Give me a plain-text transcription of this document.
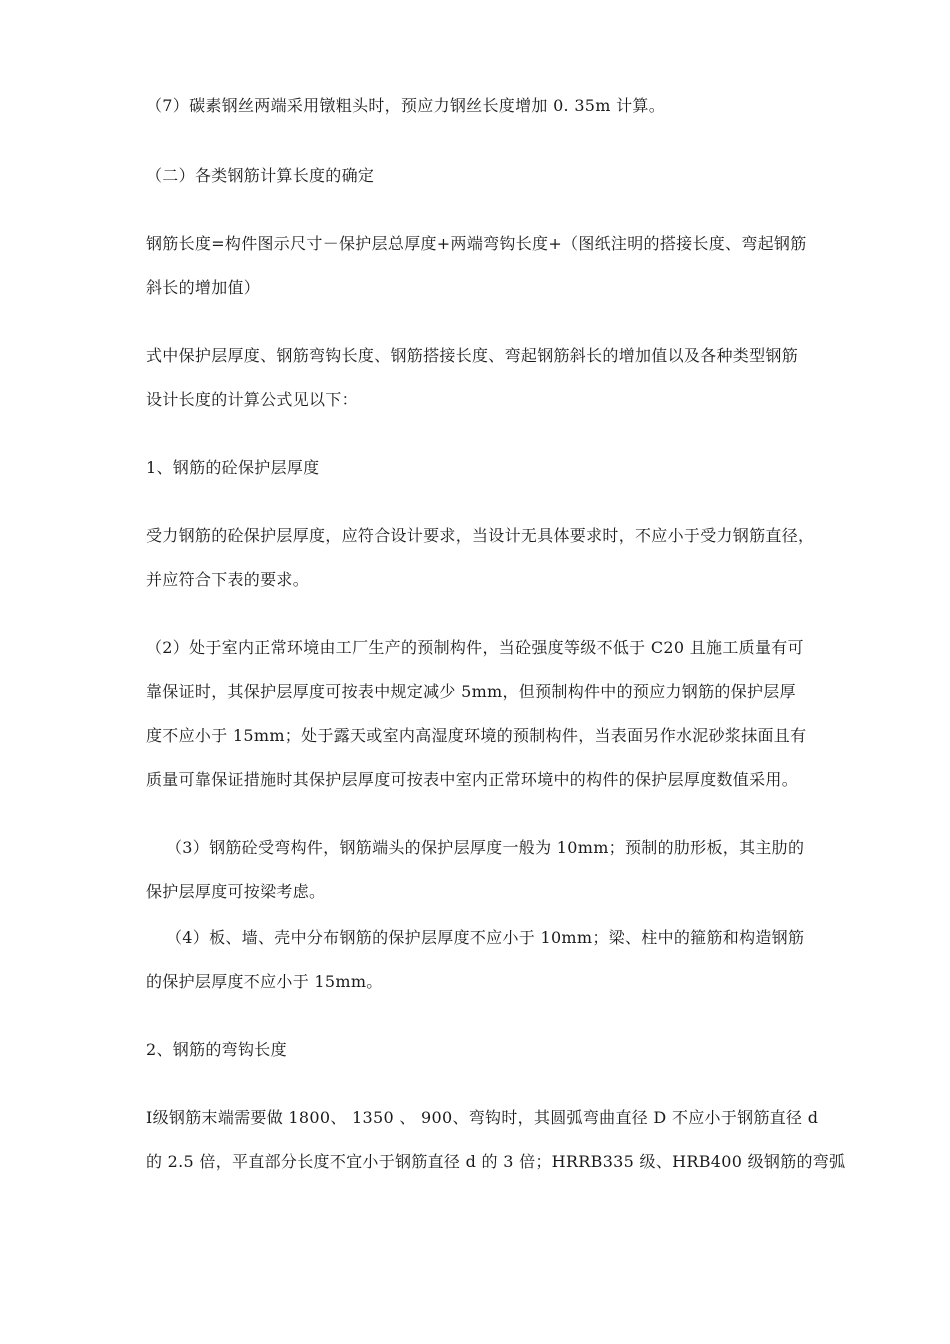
（7）碳素钢丝两端采用镦粗头时，预应力钢丝长度增加 0. 35m 计算。
（二）各类钢筋计算长度的确定
钢筋长度=构件图示尺寸－保护层总厚度+两端弯钩长度+（图纸注明的搭接长度、弯起钢筋
斜长的增加值）
式中保护层厚度、钢筋弯钩长度、钢筋搭接长度、弯起钢筋斜长的增加值以及各种类型钢筋
设计长度的计算公式见以下：
1、钢筋的砼保护层厚度
受力钢筋的砼保护层厚度，应符合设计要求，当设计无具体要求时，不应小于受力钢筋直径，
并应符合下表的要求。
（2）处于室内正常环境由工厂生产的预制构件，当砼强度等级不低于 C20 且施工质量有可
靠保证时，其保护层厚度可按表中规定减少 5mm，但预制构件中的预应力钢筋的保护层厚
度不应小于 15mm；处于露天或室内高湿度环境的预制构件，当表面另作水泥砂浆抹面且有
质量可靠保证措施时其保护层厚度可按表中室内正常环境中的构件的保护层厚度数值采用。
（3）钢筋砼受弯构件，钢筋端头的保护层厚度一般为 10mm；预制的肋形板，其主肋的
保护层厚度可按梁考虑。
（4）板、墙、壳中分布钢筋的保护层厚度不应小于 10mm；梁、柱中的箍筋和构造钢筋
的保护层厚度不应小于 15mm。
2、钢筋的弯钩长度
Ⅰ级钢筋末端需要做 1800、 1350 、 900、弯钩时，其圆弧弯曲直径 D 不应小于钢筋直径 d
的 2.5 倍，平直部分长度不宜小于钢筋直径 d 的 3 倍；HRRB335 级、HRB400 级钢筋的弯弧
